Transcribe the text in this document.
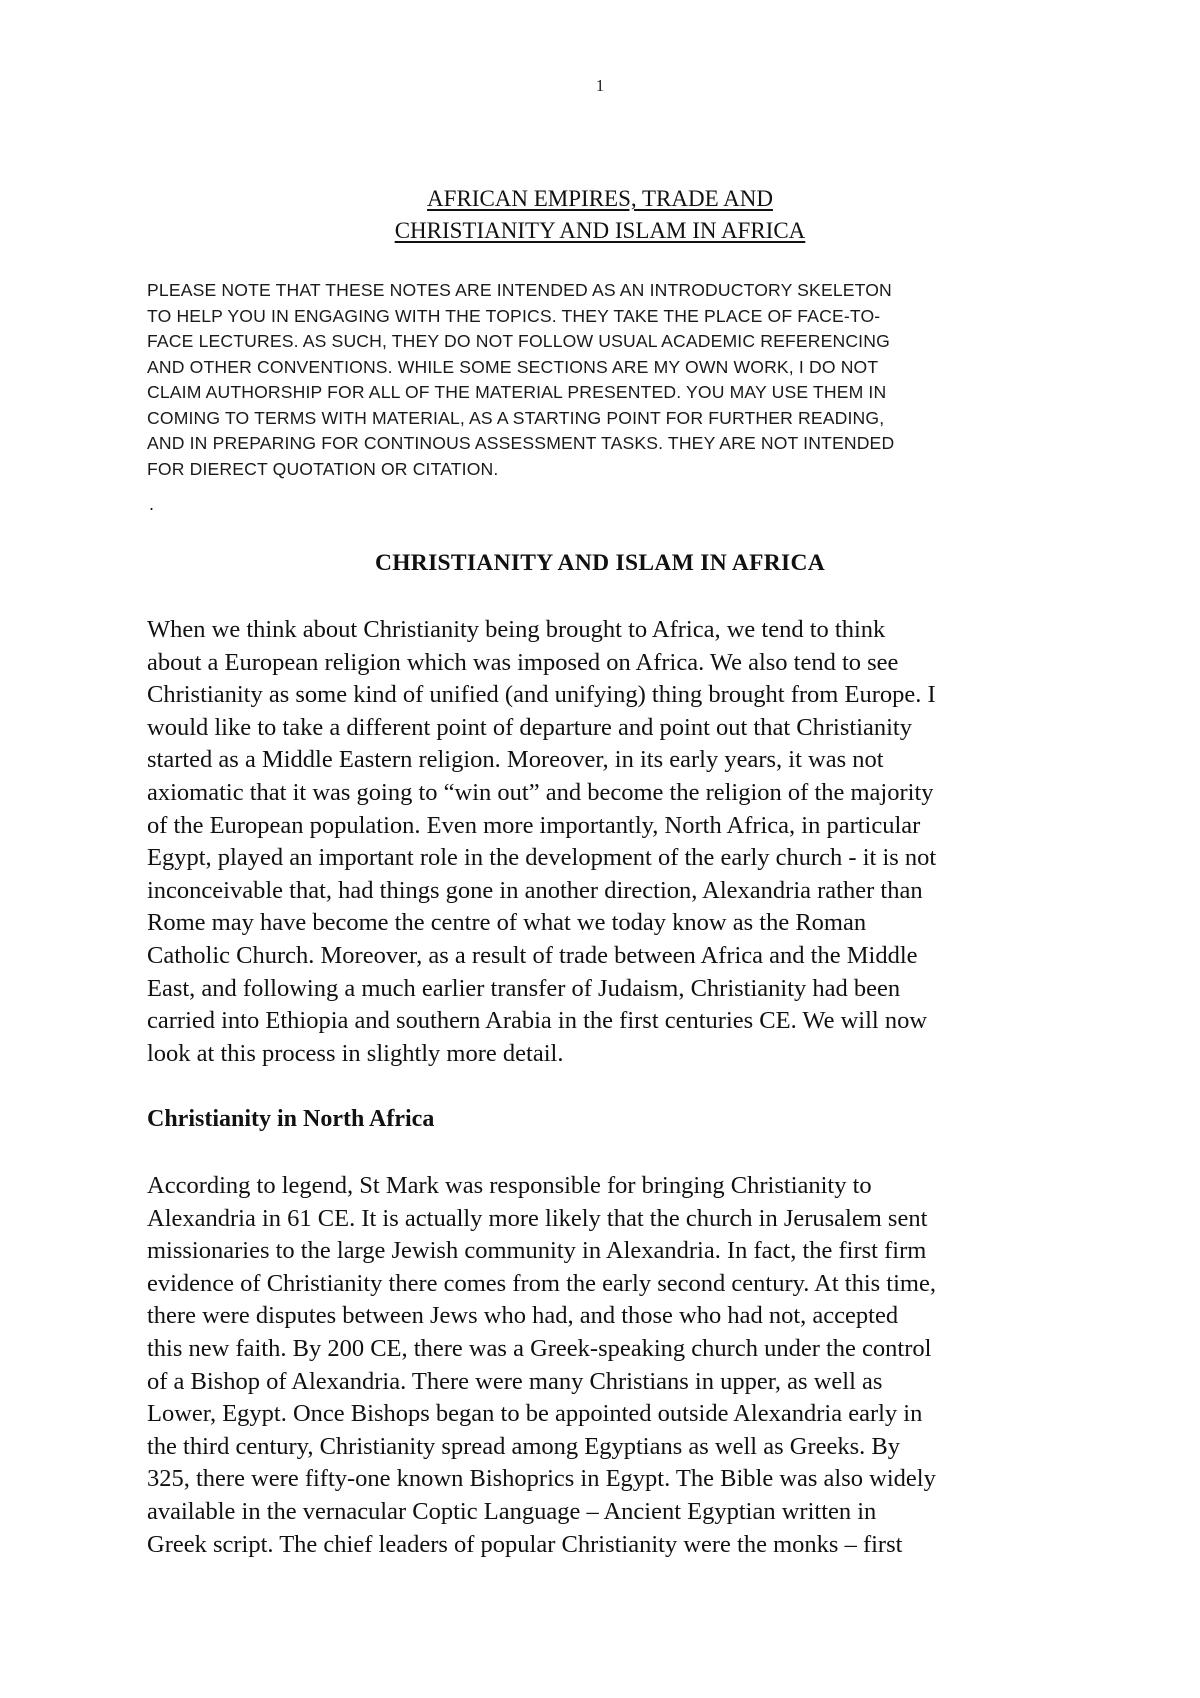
1
AFRICAN EMPIRES, TRADE AND
CHRISTIANITY AND ISLAM IN AFRICA
PLEASE NOTE THAT THESE NOTES ARE INTENDED AS AN INTRODUCTORY SKELETON
TO HELP YOU IN ENGAGING WITH THE TOPICS. THEY TAKE THE PLACE OF FACE-TO-
FACE LECTURES. AS SUCH, THEY DO NOT FOLLOW USUAL ACADEMIC REFERENCING
AND OTHER CONVENTIONS. WHILE SOME SECTIONS ARE MY OWN WORK, I DO NOT
CLAIM AUTHORSHIP FOR ALL OF THE MATERIAL PRESENTED. YOU MAY USE THEM IN
COMING TO TERMS WITH MATERIAL, AS A STARTING POINT FOR FURTHER READING,
AND IN PREPARING FOR CONTINOUS ASSESSMENT TASKS. THEY ARE NOT INTENDED
FOR DIERECT QUOTATION OR CITATION.
.
CHRISTIANITY AND ISLAM IN AFRICA
When we think about Christianity being brought to Africa, we tend to think
about a European religion which was imposed on Africa. We also tend to see
Christianity as some kind of unified (and unifying) thing brought from Europe. I
would like to take a different point of departure and point out that Christianity
started as a Middle Eastern religion. Moreover, in its early years, it was not
axiomatic that it was going to “win out” and become the religion of the majority
of the European population. Even more importantly, North Africa, in particular
Egypt, played an important role in the development of the early church - it is not
inconceivable that, had things gone in another direction, Alexandria rather than
Rome may have become the centre of what we today know as the Roman
Catholic Church. Moreover, as a result of trade between Africa and the Middle
East, and following a much earlier transfer of Judaism, Christianity had been
carried into Ethiopia and southern Arabia in the first centuries CE. We will now
look at this process in slightly more detail.
Christianity in North Africa
According to legend, St Mark was responsible for bringing Christianity to
Alexandria in 61 CE. It is actually more likely that the church in Jerusalem sent
missionaries to the large Jewish community in Alexandria. In fact, the first firm
evidence of Christianity there comes from the early second century. At this time,
there were disputes between Jews who had, and those who had not, accepted
this new faith. By 200 CE, there was a Greek-speaking church under the control
of a Bishop of Alexandria. There were many Christians in upper, as well as
Lower, Egypt. Once Bishops began to be appointed outside Alexandria early in
the third century, Christianity spread among Egyptians as well as Greeks. By
325, there were fifty-one known Bishoprics in Egypt. The Bible was also widely
available in the vernacular Coptic Language – Ancient Egyptian written in
Greek script. The chief leaders of popular Christianity were the monks – first
